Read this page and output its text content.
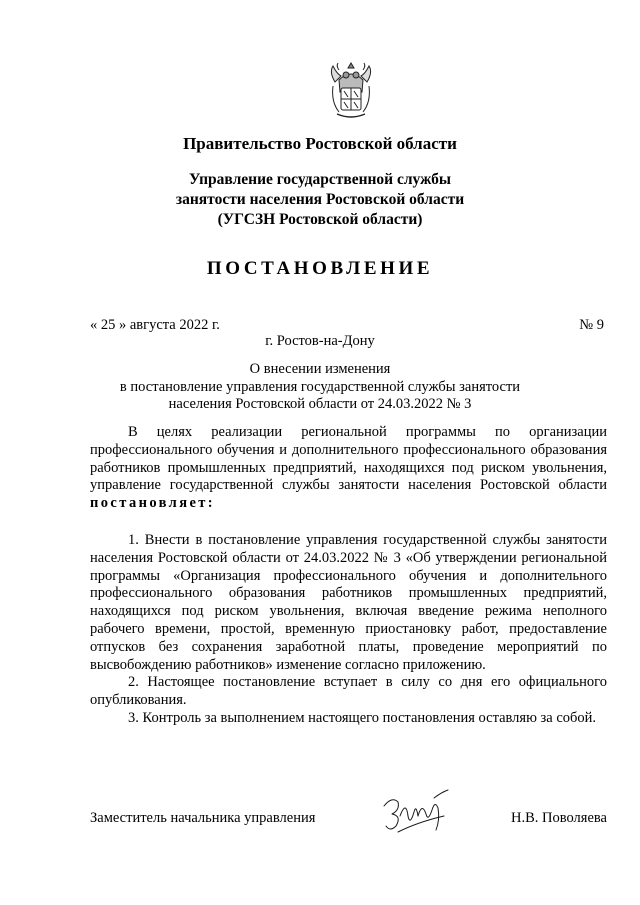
Правительство Ростовской области
Управление государственной службы
занятости населения Ростовской области
(УГСЗН Ростовской области)
ПОСТАНОВЛЕНИЕ
« 25 » августа 2022 г.	№ 9
г. Ростов-на-Дону
О внесении изменения
в постановление управления государственной службы занятости
населения Ростовской области от 24.03.2022 № 3

В целях реализации региональной программы по организации профессионального обучения и дополнительного профессионального образования работников промышленных предприятий, находящихся под риском увольнения, управление государственной службы занятости населения Ростовской области постановляет:

1. Внести в постановление управления государственной службы занятости населения Ростовской области от 24.03.2022 № 3 «Об утверждении региональной программы «Организация профессионального обучения и дополнительного профессионального образования работников промышленных предприятий, находящихся под риском увольнения, включая введение режима неполного рабочего времени, простой, временную приостановку работ, предоставление отпусков без сохранения заработной платы, проведение мероприятий по высвобождению работников» изменение согласно приложению.

2. Настоящее постановление вступает в силу со дня его официального опубликования.

3. Контроль за выполнением настоящего постановления оставляю за собой.

Заместитель начальника управления	Н.В. Поволяева
